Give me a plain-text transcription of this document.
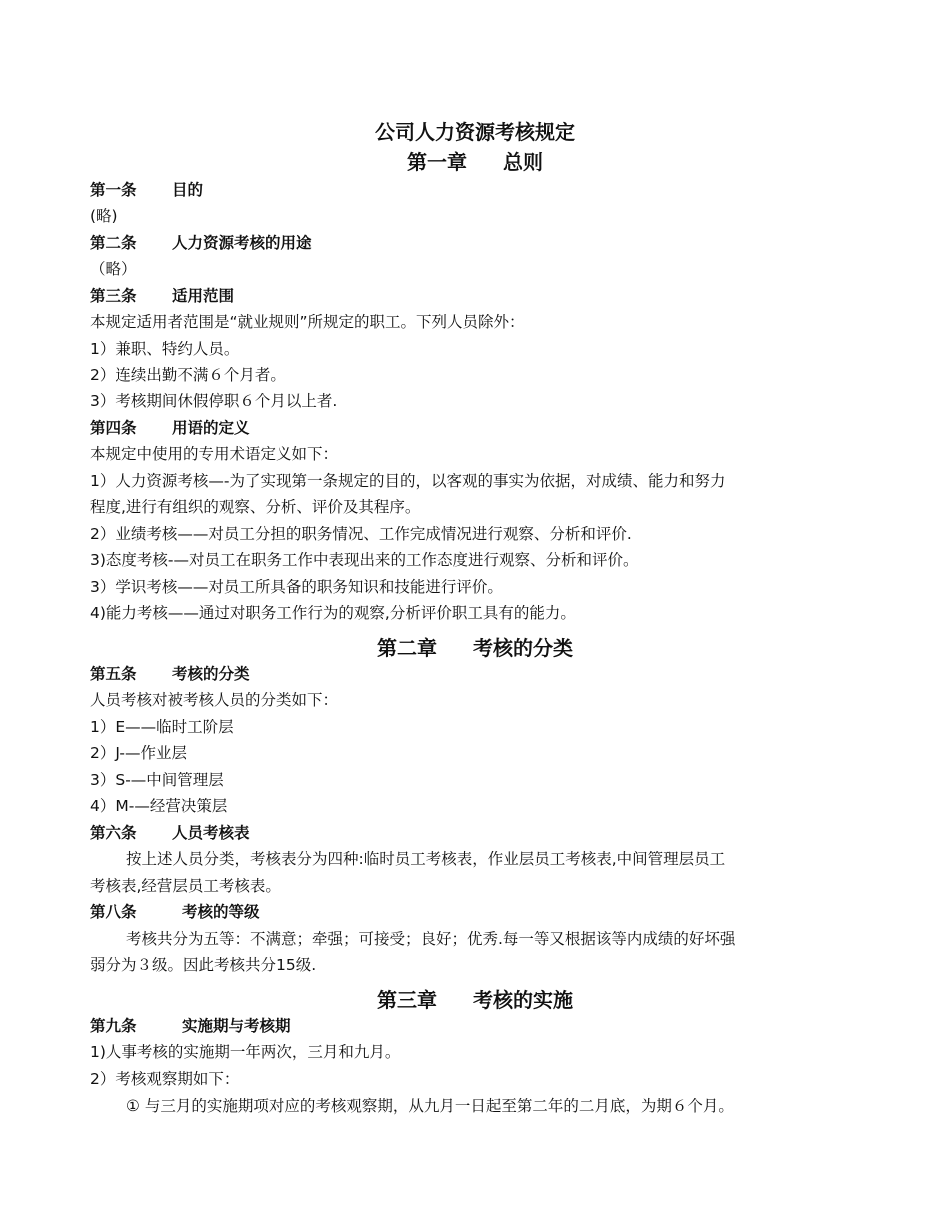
公司人力资源考核规定
第一章 总则
第一条 目的
(略)
第二条 人力资源考核的用途
（略）
第三条 适用范围
本规定适用者范围是“就业规则”所规定的职工。下列人员除外：
1）兼职、特约人员。
2）连续出勤不满６个月者。
3）考核期间休假停职６个月以上者.
第四条 用语的定义
本规定中使用的专用术语定义如下：
1）人力资源考核—-为了实现第一条规定的目的，以客观的事实为依据，对成绩、能力和努力
程度,进行有组织的观察、分析、评价及其程序。
2）业绩考核——对员工分担的职务情况、工作完成情况进行观察、分析和评价.
3)态度考核-—对员工在职务工作中表现出来的工作态度进行观察、分析和评价。
3）学识考核——对员工所具备的职务知识和技能进行评价。
4)能力考核——通过对职务工作行为的观察,分析评价职工具有的能力。
第二章 考核的分类
第五条 考核的分类
人员考核对被考核人员的分类如下：
1）E——临时工阶层
2）J-—作业层
3）S-—中间管理层
4）M-—经营决策层
第六条 人员考核表
按上述人员分类，考核表分为四种:临时员工考核表，作业层员工考核表,中间管理层员工
考核表,经营层员工考核表。
第八条	考核的等级
考核共分为五等：不满意；牵强；可接受；良好；优秀.每一等又根据该等内成绩的好坏强
弱分为３级。因此考核共分15级.
第三章 考核的实施
第九条	实施期与考核期
1)人事考核的实施期一年两次，三月和九月。
2）考核观察期如下：
① 与三月的实施期项对应的考核观察期，从九月一日起至第二年的二月底，为期６个月。
